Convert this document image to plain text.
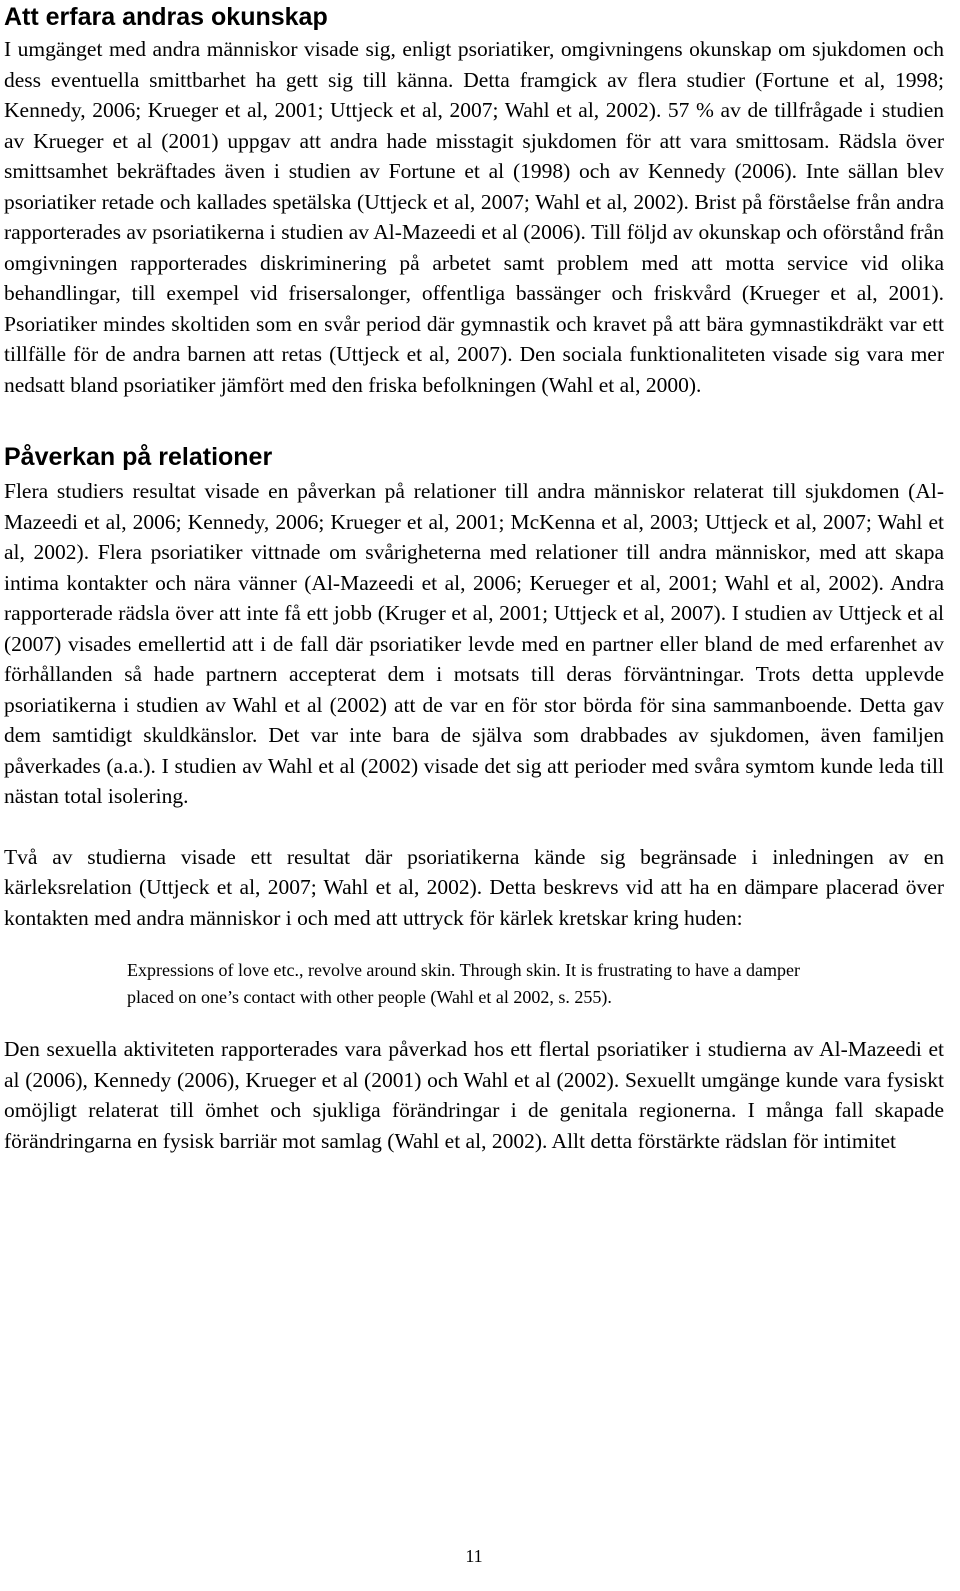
Att erfara andras okunskap

I umgänget med andra människor visade sig, enligt psoriatiker, omgivningens okunskap om sjukdomen och dess eventuella smittbarhet ha gett sig till känna. Detta framgick av flera studier (Fortune et al, 1998; Kennedy, 2006; Krueger et al, 2001; Uttjeck et al, 2007; Wahl et al, 2002). 57 % av de tillfrågade i studien av Krueger et al (2001) uppgav att andra hade misstagit sjukdomen för att vara smittosam. Rädsla över smittsamhet bekräftades även i studien av Fortune et al (1998) och av Kennedy (2006). Inte sällan blev psoriatiker retade och kallades spetälska (Uttjeck et al, 2007; Wahl et al, 2002). Brist på förståelse från andra rapporterades av psoriatikerna i studien av Al-Mazeedi et al (2006). Till följd av okunskap och oförstånd från omgivningen rapporterades diskriminering på arbetet samt problem med att motta service vid olika behandlingar, till exempel vid frisersalonger, offentliga bassänger och friskvård (Krueger et al, 2001). Psoriatiker mindes skoltiden som en svår period där gymnastik och kravet på att bära gymnastikdräkt var ett tillfälle för de andra barnen att retas (Uttjeck et al, 2007). Den sociala funktionaliteten visade sig vara mer nedsatt bland psoriatiker jämfört med den friska befolkningen (Wahl et al, 2000).

Påverkan på relationer

Flera studiers resultat visade en påverkan på relationer till andra människor relaterat till sjukdomen (Al-Mazeedi et al, 2006; Kennedy, 2006; Krueger et al, 2001; McKenna et al, 2003; Uttjeck et al, 2007; Wahl et al, 2002). Flera psoriatiker vittnade om svårigheterna med relationer till andra människor, med att skapa intima kontakter och nära vänner (Al-Mazeedi et al, 2006; Kerueger et al, 2001; Wahl et al, 2002). Andra rapporterade rädsla över att inte få ett jobb (Kruger et al, 2001; Uttjeck et al, 2007). I studien av Uttjeck et al (2007) visades emellertid att i de fall där psoriatiker levde med en partner eller bland de med erfarenhet av förhållanden så hade partnern accepterat dem i motsats till deras förväntningar. Trots detta upplevde psoriatikerna i studien av Wahl et al (2002) att de var en för stor börda för sina sammanboende. Detta gav dem samtidigt skuldkänslor. Det var inte bara de själva som drabbades av sjukdomen, även familjen påverkades (a.a.). I studien av Wahl et al (2002) visade det sig att perioder med svåra symtom kunde leda till nästan total isolering.

Två av studierna visade ett resultat där psoriatikerna kände sig begränsade i inledningen av en kärleksrelation (Uttjeck et al, 2007; Wahl et al, 2002). Detta beskrevs vid att ha en dämpare placerad över kontakten med andra människor i och med att uttryck för kärlek kretskar kring huden:

Expressions of love etc., revolve around skin. Through skin. It is frustrating to have a damper placed on one’s contact with other people (Wahl et al 2002, s. 255).

Den sexuella aktiviteten rapporterades vara påverkad hos ett flertal psoriatiker i studierna av Al-Mazeedi et al (2006), Kennedy (2006), Krueger et al (2001) och Wahl et al (2002). Sexuellt umgänge kunde vara fysiskt omöjligt relaterat till ömhet och sjukliga förändringar i de genitala regionerna. I många fall skapade förändringarna en fysisk barriär mot samlag (Wahl et al, 2002). Allt detta förstärkte rädslan för intimitet

11
